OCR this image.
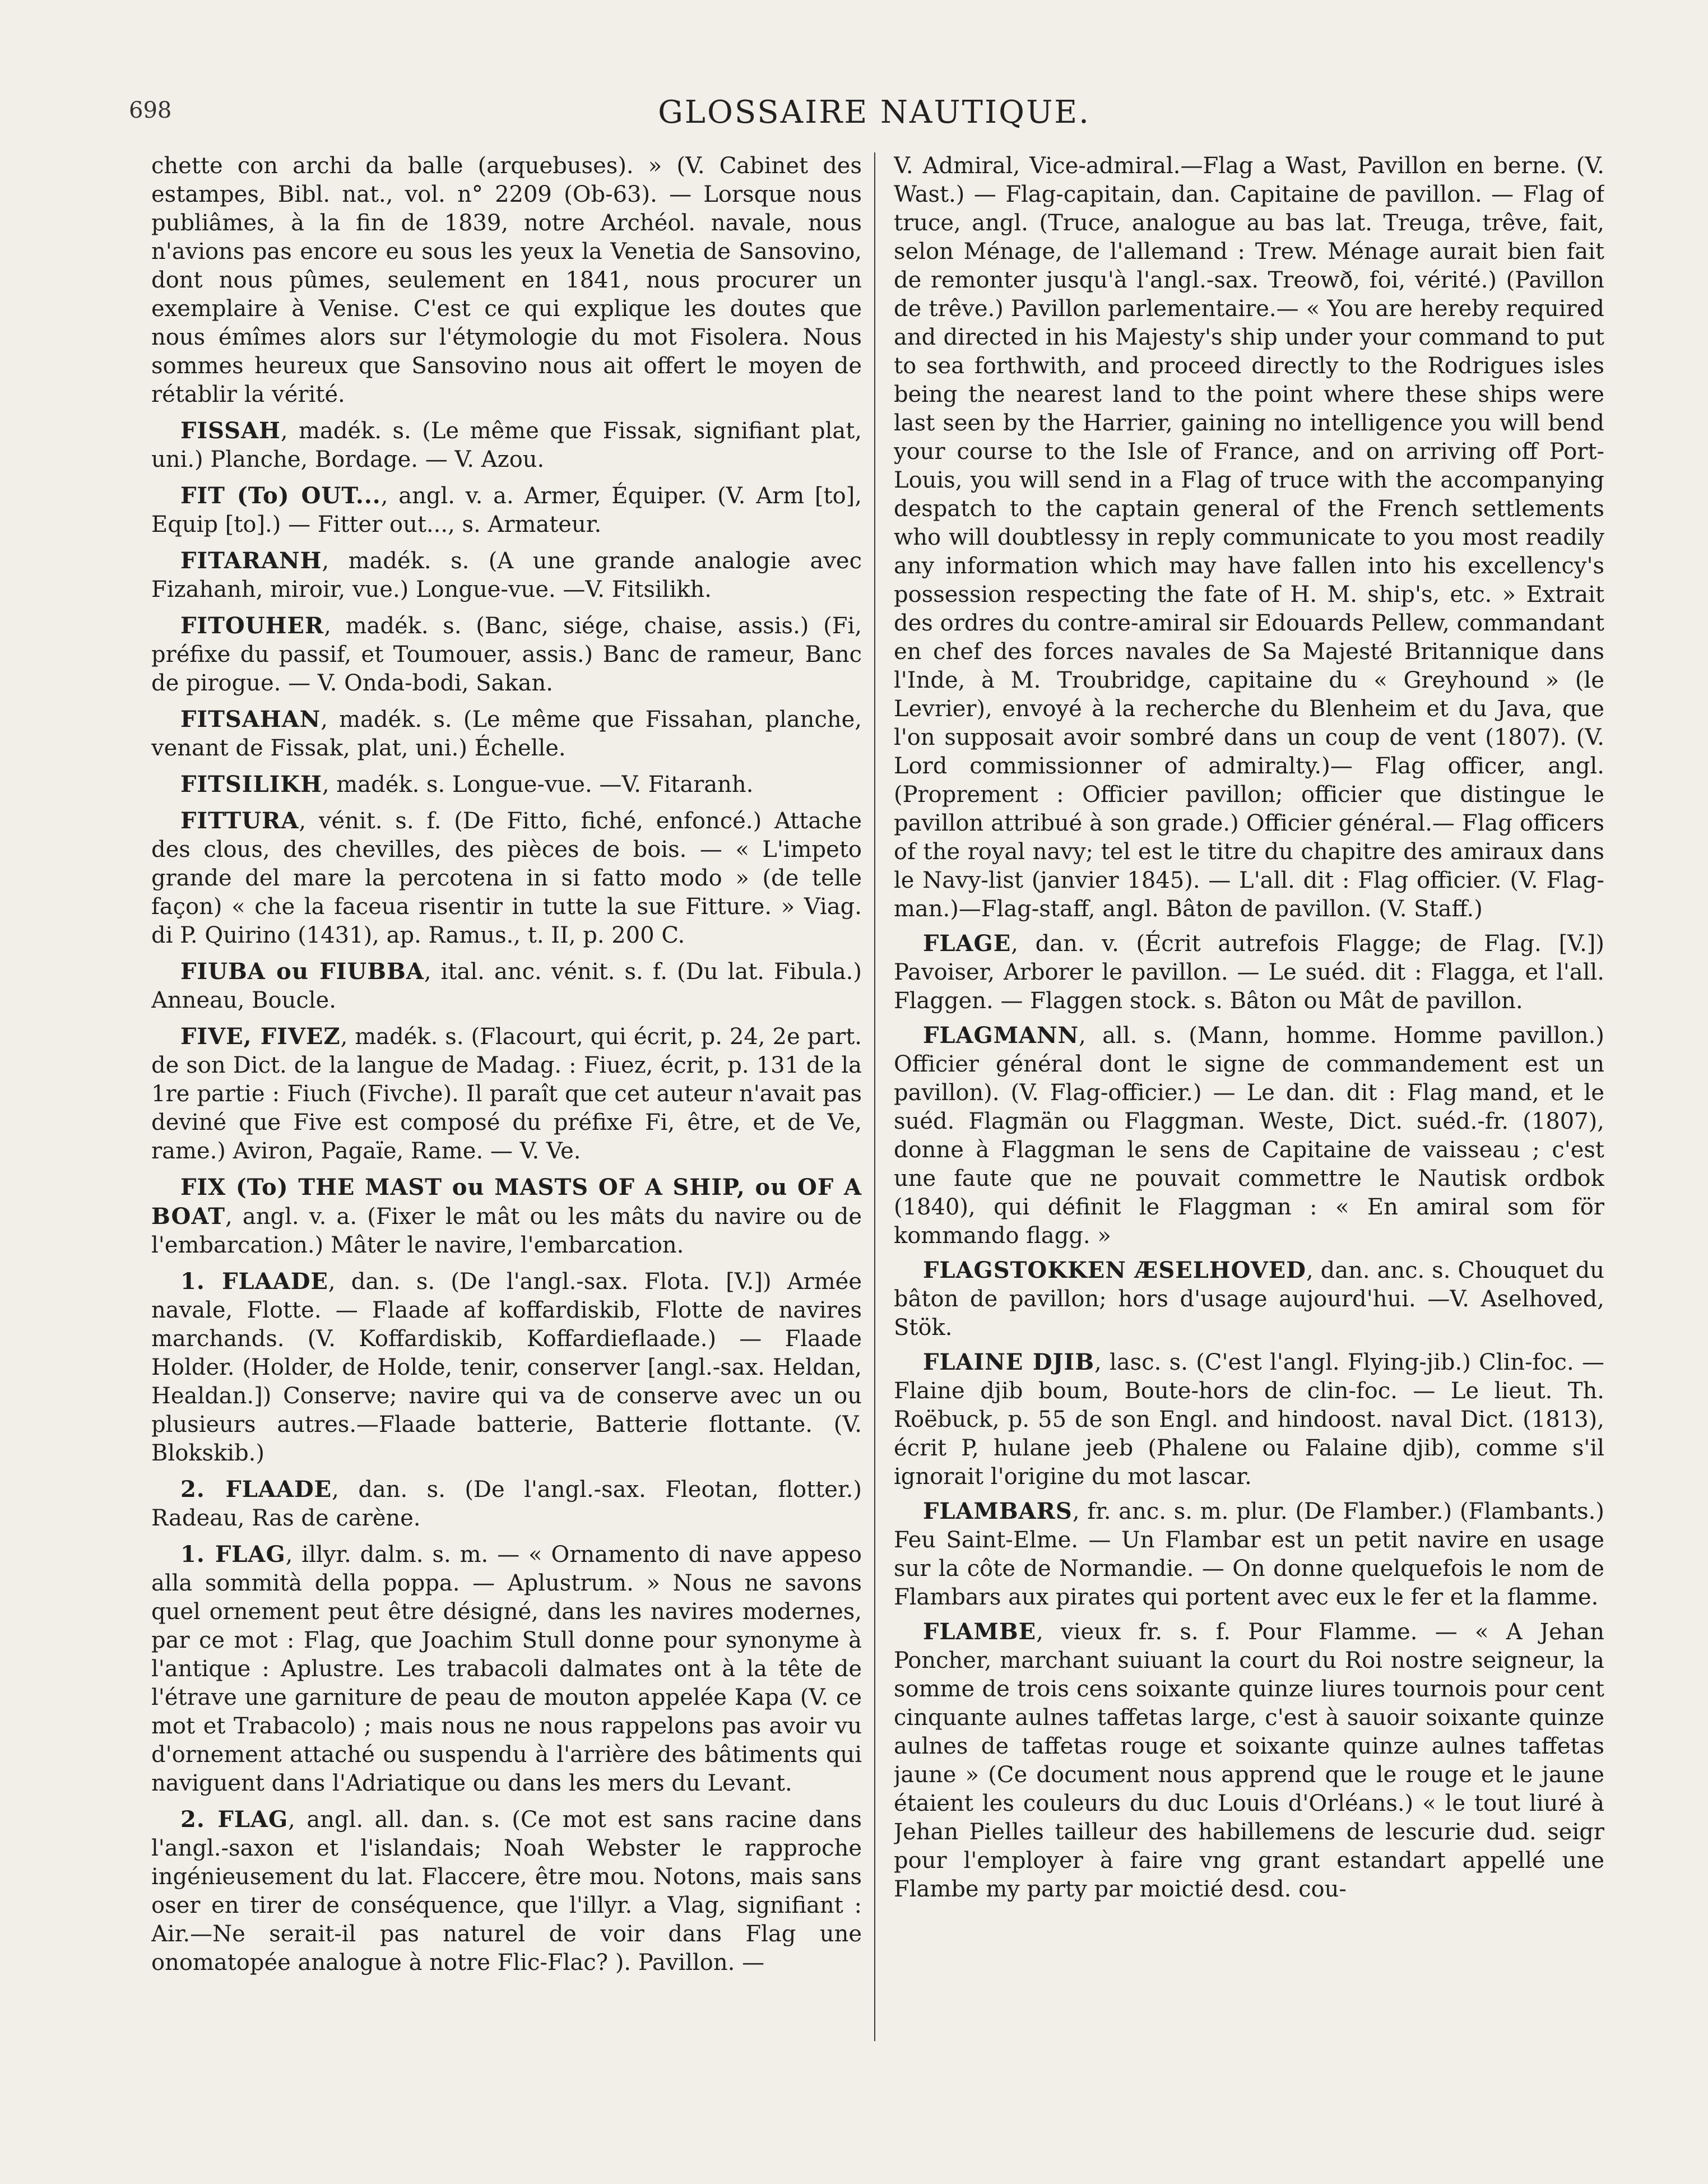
698	GLOSSAIRE NAUTIQUE.

chette con archi da balle (arquebuses). » (V. Cabinet des estampes, Bibl. nat., vol. n° 2209 (Ob-63). — Lorsque nous publiâmes, à la fin de 1839, notre Archéol. navale, nous n'avions pas encore eu sous les yeux la Venetia de Sansovino, dont nous pûmes, seulement en 1841, nous procurer un exemplaire à Venise. C'est ce qui explique les doutes que nous émîmes alors sur l'étymologie du mot Fisolera. Nous sommes heureux que Sansovino nous ait offert le moyen de rétablir la vérité.

FISSAH, madék. s. (Le même que Fissak, signifiant plat, uni.) Planche, Bordage. — V. Azou.

FIT (To) OUT..., angl. v. a. Armer, Équiper. (V. Arm [to], Equip [to].) — Fitter out..., s. Armateur.

FITARANH, madék. s. (A une grande analogie avec Fizahanh, miroir, vue.) Longue-vue. —V. Fitsilikh.

FITOUHER, madék. s. (Banc, siége, chaise, assis.) (Fi, préfixe du passif, et Toumouer, assis.) Banc de rameur, Banc de pirogue. — V. Onda-bodi, Sakan.

FITSAHAN, madék. s. (Le même que Fissahan, planche, venant de Fissak, plat, uni.) Échelle.

FITSILIKH, madék. s. Longue-vue. —V. Fitaranh.

FITTURA, vénit. s. f. (De Fitto, fiché, enfoncé.) Attache des clous, des chevilles, des pièces de bois. — « L'impeto grande del mare la percotena in si fatto modo » (de telle façon) « che la faceua risentir in tutte la sue Fitture. » Viag. di P. Quirino (1431), ap. Ramus., t. II, p. 200 C.

FIUBA ou FIUBBA, ital. anc. vénit. s. f. (Du lat. Fibula.) Anneau, Boucle.

FIVE, FIVEZ, madék. s. (Flacourt, qui écrit, p. 24, 2e part. de son Dict. de la langue de Madag. : Fiuez, écrit, p. 131 de la 1re partie : Fiuch (Fivche). Il paraît que cet auteur n'avait pas deviné que Five est composé du préfixe Fi, être, et de Ve, rame.) Aviron, Pagaïe, Rame. — V. Ve.

FIX (To) THE MAST ou MASTS OF A SHIP, ou OF A BOAT, angl. v. a. (Fixer le mât ou les mâts du navire ou de l'embarcation.) Mâter le navire, l'embarcation.

1. FLAADE, dan. s. (De l'angl.-sax. Flota. [V.]) Armée navale, Flotte. — Flaade af koffardiskib, Flotte de navires marchands. (V. Koffardiskib, Koffardieflaade.) — Flaade Holder. (Holder, de Holde, tenir, conserver [angl.-sax. Heldan, Healdan.]) Conserve; navire qui va de conserve avec un ou plusieurs autres.—Flaade batterie, Batterie flottante. (V. Blokskib.)

2. FLAADE, dan. s. (De l'angl.-sax. Fleotan, flotter.) Radeau, Ras de carène.

1. FLAG, illyr. dalm. s. m. — « Ornamento di nave appeso alla sommità della poppa. — Aplustrum. » Nous ne savons quel ornement peut être désigné, dans les navires modernes, par ce mot : Flag, que Joachim Stull donne pour synonyme à l'antique : Aplustre. Les trabacoli dalmates ont à la tête de l'étrave une garniture de peau de mouton appelée Kapa (V. ce mot et Trabacolo) ; mais nous ne nous rappelons pas avoir vu d'ornement attaché ou suspendu à l'arrière des bâtiments qui naviguent dans l'Adriatique ou dans les mers du Levant.

2. FLAG, angl. all. dan. s. (Ce mot est sans racine dans l'angl.-saxon et l'islandais; Noah Webster le rapproche ingénieusement du lat. Flaccere, être mou. Notons, mais sans oser en tirer de conséquence, que l'illyr. a Vlag, signifiant : Air.—Ne serait-il pas naturel de voir dans Flag une onomatopée analogue à notre Flic-Flac? ). Pavillon. —

V. Admiral, Vice-admiral.—Flag a Wast, Pavillon en berne. (V. Wast.) — Flag-capitain, dan. Capitaine de pavillon. — Flag of truce, angl. (Truce, analogue au bas lat. Treuga, trêve, fait, selon Ménage, de l'allemand : Trew. Ménage aurait bien fait de remonter jusqu'à l'angl.-sax. Treowð, foi, vérité.) (Pavillon de trêve.) Pavillon parlementaire.— « You are hereby required and directed in his Majesty's ship under your command to put to sea forthwith, and proceed directly to the Rodrigues isles being the nearest land to the point where these ships were last seen by the Harrier, gaining no intelligence you will bend your course to the Isle of France, and on arriving off Port-Louis, you will send in a Flag of truce with the accompanying despatch to the captain general of the French settlements who will doubtlessy in reply communicate to you most readily any information which may have fallen into his excellency's possession respecting the fate of H. M. ship's, etc. » Extrait des ordres du contre-amiral sir Edouards Pellew, commandant en chef des forces navales de Sa Majesté Britannique dans l'Inde, à M. Troubridge, capitaine du « Greyhound » (le Levrier), envoyé à la recherche du Blenheim et du Java, que l'on supposait avoir sombré dans un coup de vent (1807). (V. Lord commissionner of admiralty.)— Flag officer, angl. (Proprement : Officier pavillon; officier que distingue le pavillon attribué à son grade.) Officier général.— Flag officers of the royal navy; tel est le titre du chapitre des amiraux dans le Navy-list (janvier 1845). — L'all. dit : Flag officier. (V. Flag-man.)—Flag-staff, angl. Bâton de pavillon. (V. Staff.)

FLAGE, dan. v. (Écrit autrefois Flagge; de Flag. [V.]) Pavoiser, Arborer le pavillon. — Le suéd. dit : Flagga, et l'all. Flaggen. — Flaggen stock. s. Bâton ou Mât de pavillon.

FLAGMANN, all. s. (Mann, homme. Homme pavillon.) Officier général dont le signe de commandement est un pavillon). (V. Flag-officier.) — Le dan. dit : Flag mand, et le suéd. Flagmän ou Flaggman. Weste, Dict. suéd.-fr. (1807), donne à Flaggman le sens de Capitaine de vaisseau ; c'est une faute que ne pouvait commettre le Nautisk ordbok (1840), qui définit le Flaggman : « En amiral som för kommando flagg. »

FLAGSTOKKEN ÆSELHOVED, dan. anc. s. Chouquet du bâton de pavillon; hors d'usage aujourd'hui. —V. Aselhoved, Stök.

FLAINE DJIB, lasc. s. (C'est l'angl. Flying-jib.) Clin-foc. — Flaine djib boum, Boute-hors de clin-foc. — Le lieut. Th. Roëbuck, p. 55 de son Engl. and hindoost. naval Dict. (1813), écrit P, hulane jeeb (Phalene ou Falaine djib), comme s'il ignorait l'origine du mot lascar.

FLAMBARS, fr. anc. s. m. plur. (De Flamber.) (Flambants.) Feu Saint-Elme. — Un Flambar est un petit navire en usage sur la côte de Normandie. — On donne quelquefois le nom de Flambars aux pirates qui portent avec eux le fer et la flamme.

FLAMBE, vieux fr. s. f. Pour Flamme. — « A Jehan Poncher, marchant suiuant la court du Roi nostre seigneur, la somme de trois cens soixante quinze liures tournois pour cent cinquante aulnes taffetas large, c'est à sauoir soixante quinze aulnes de taffetas rouge et soixante quinze aulnes taffetas jaune » (Ce document nous apprend que le rouge et le jaune étaient les couleurs du duc Louis d'Orléans.) « le tout liuré à Jehan Pielles tailleur des habillemens de lescurie dud. seigr pour l'employer à faire vng grant estandart appellé une Flambe my party par moictié desd. cou-
